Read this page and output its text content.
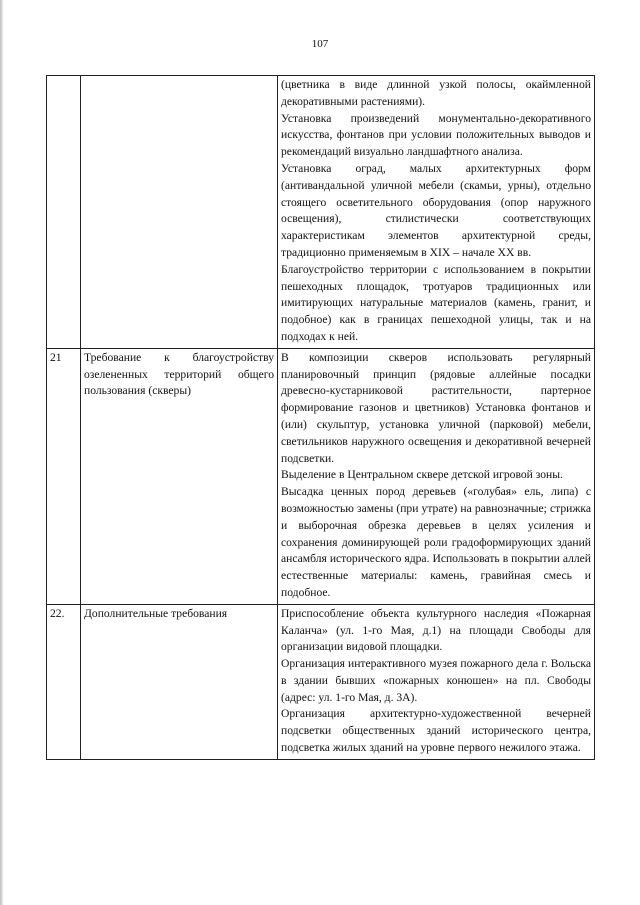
107

		(цветника в виде длинной узкой полосы, окаймленной декоративными растениями).

Установка произведений монументально-декоративного искусства, фонтанов при условии положительных выводов и рекомендаций визуально ландшафтного анализа.

Установка оград, малых архитектурных форм (антивандальной уличной мебели (скамьи, урны), отдельно стоящего осветительного оборудования (опор наружного освещения), стилистически соответствующих характеристикам элементов архитектурной среды, традиционно применяемым в XIX – начале XX вв.

Благоустройство территории с использованием в покрытии пешеходных площадок, тротуаров традиционных или имитирующих натуральные материалов (камень, гранит, и подобное) как в границах пешеходной улицы, так и на подходах к ней.

21	Требование к благоустройству озелененных территорий общего пользования (скверы)	В композиции скверов использовать регулярный планировочный принцип (рядовые аллейные посадки древесно-кустарниковой растительности, партерное формирование газонов и цветников) Установка фонтанов и (или) скульптур, установка уличной (парковой) мебели, светильников наружного освещения и декоративной вечерней подсветки.

Выделение в Центральном сквере детской игровой зоны.

Высадка ценных пород деревьев («голубая» ель, липа) с возможностью замены (при утрате) на равнозначные; стрижка и выборочная обрезка деревьев в целях усиления и сохранения доминирующей роли градоформирующих зданий ансамбля исторического ядра. Использовать в покрытии аллей естественные материалы: камень, гравийная смесь и подобное.

22.	Дополнительные требования	Приспособление объекта культурного наследия «Пожарная Каланча» (ул. 1-го Мая, д.1) на площади Свободы для организации видовой площадки.

Организация интерактивного музея пожарного дела г. Вольска в здании бывших «пожарных конюшен» на пл. Свободы (адрес: ул. 1-го Мая, д. 3А).

Организация архитектурно-художественной вечерней подсветки общественных зданий исторического центра, подсветка жилых зданий на уровне первого нежилого этажа.
